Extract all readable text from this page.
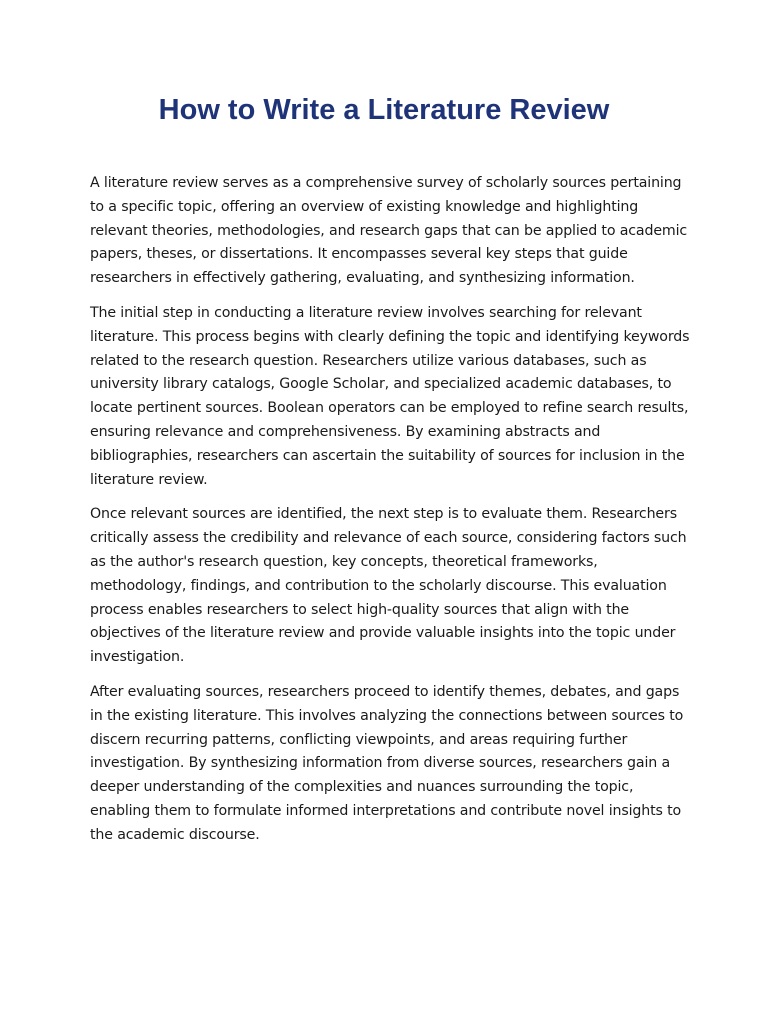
How to Write a Literature Review

A literature review serves as a comprehensive survey of scholarly sources pertaining to a specific topic, offering an overview of existing knowledge and highlighting relevant theories, methodologies, and research gaps that can be applied to academic papers, theses, or dissertations. It encompasses several key steps that guide researchers in effectively gathering, evaluating, and synthesizing information.

The initial step in conducting a literature review involves searching for relevant literature. This process begins with clearly defining the topic and identifying keywords related to the research question. Researchers utilize various databases, such as university library catalogs, Google Scholar, and specialized academic databases, to locate pertinent sources. Boolean operators can be employed to refine search results, ensuring relevance and comprehensiveness. By examining abstracts and bibliographies, researchers can ascertain the suitability of sources for inclusion in the literature review.

Once relevant sources are identified, the next step is to evaluate them. Researchers critically assess the credibility and relevance of each source, considering factors such as the author's research question, key concepts, theoretical frameworks, methodology, findings, and contribution to the scholarly discourse. This evaluation process enables researchers to select high-quality sources that align with the objectives of the literature review and provide valuable insights into the topic under investigation.

After evaluating sources, researchers proceed to identify themes, debates, and gaps in the existing literature. This involves analyzing the connections between sources to discern recurring patterns, conflicting viewpoints, and areas requiring further investigation. By synthesizing information from diverse sources, researchers gain a deeper understanding of the complexities and nuances surrounding the topic, enabling them to formulate informed interpretations and contribute novel insights to the academic discourse.
